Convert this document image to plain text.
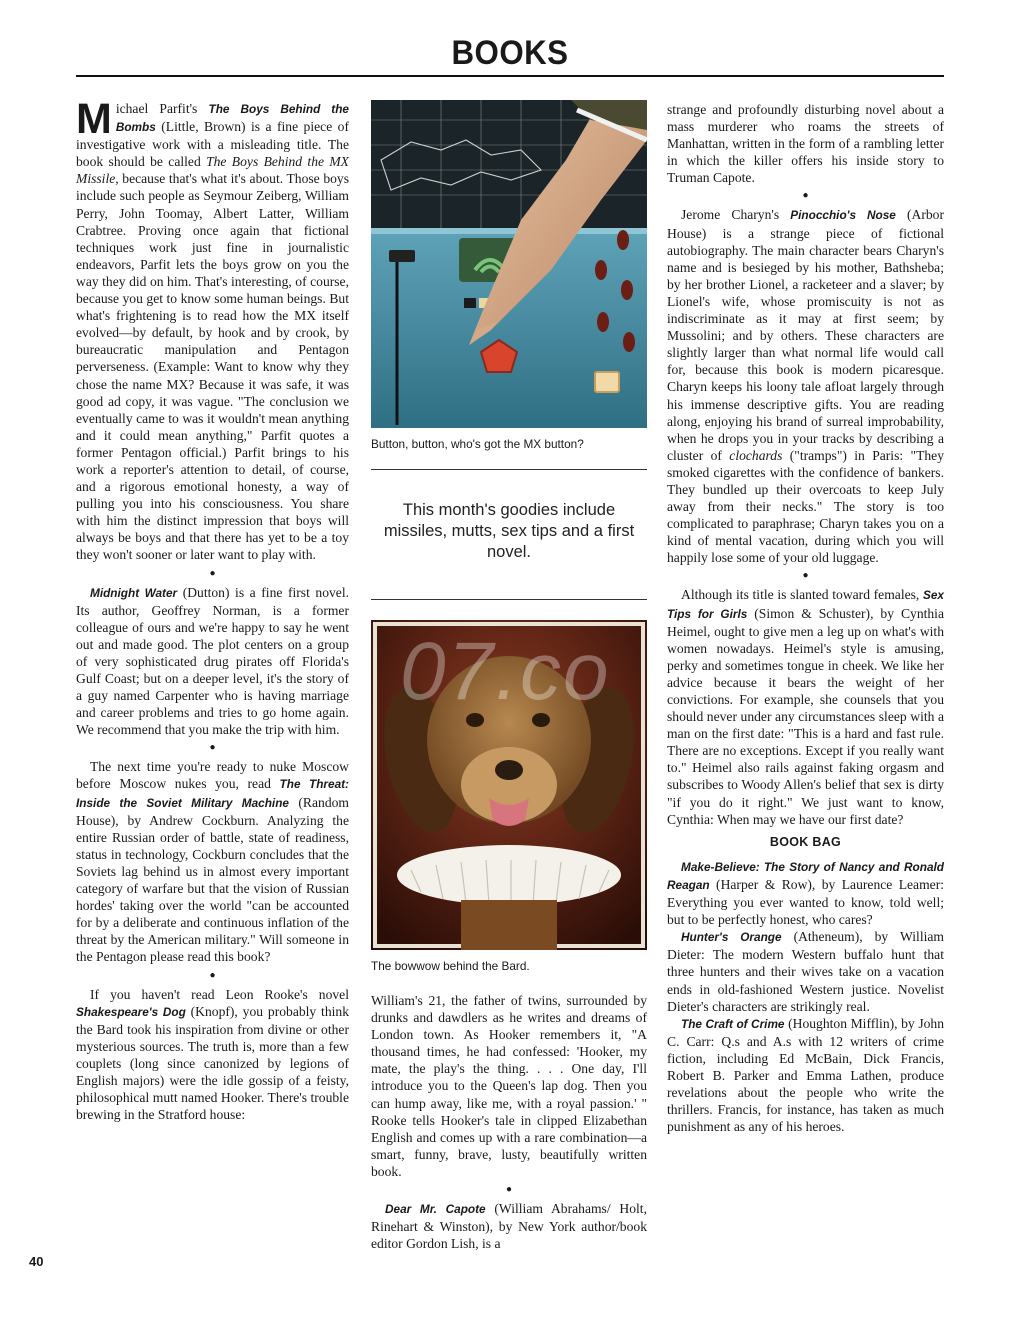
BOOKS

Michael Parfit's The Boys Behind the Bombs (Little, Brown) is a fine piece of investigative work with a misleading title. The book should be called The Boys Behind the MX Missile, because that's what it's about. Those boys include such people as Seymour Zeiberg, William Perry, John Toomay, Albert Latter, William Crabtree. Proving once again that fictional techniques work just fine in journalistic endeavors, Parfit lets the boys grow on you the way they did on him. That's interesting, of course, because you get to know some human beings. But what's frightening is to read how the MX itself evolved—by default, by hook and by crook, by bureaucratic manipulation and Pentagon perverseness. (Example: Want to know why they chose the name MX? Because it was safe, it was good ad copy, it was vague. "The conclusion we eventually came to was it wouldn't mean anything and it could mean anything," Parfit quotes a former Pentagon official.) Parfit brings to his work a reporter's attention to detail, of course, and a rigorous emotional honesty, a way of pulling you into his consciousness. You share with him the distinct impression that boys will always be boys and that there has yet to be a toy they won't sooner or later want to play with.

●

Midnight Water (Dutton) is a fine first novel. Its author, Geoffrey Norman, is a former colleague of ours and we're happy to say he went out and made good. The plot centers on a group of very sophisticated drug pirates off Florida's Gulf Coast; but on a deeper level, it's the story of a guy named Carpenter who is having marriage and career problems and tries to go home again. We recommend that you make the trip with him.

●

The next time you're ready to nuke Moscow before Moscow nukes you, read The Threat: Inside the Soviet Military Machine (Random House), by Andrew Cockburn. Analyzing the entire Russian order of battle, state of readiness, status in technology, Cockburn concludes that the Soviets lag behind us in almost every important category of warfare but that the vision of Russian hordes' taking over the world "can be accounted for by a deliberate and continuous inflation of the threat by the American military." Will someone in the Pentagon please read this book?

●

If you haven't read Leon Rooke's novel Shakespeare's Dog (Knopf), you probably think the Bard took his inspiration from divine or other mysterious sources. The truth is, more than a few couplets (long since canonized by legions of English majors) were the idle gossip of a feisty, philosophical mutt named Hooker. There's trouble brewing in the Stratford house:

Button, button, who's got the MX button?
This month's goodies include missiles, mutts, sex tips and a first novel.
The bowwow behind the Bard.

William's 21, the father of twins, surrounded by drunks and dawdlers as he writes and dreams of London town. As Hooker remembers it, "A thousand times, he had confessed: 'Hooker, my mate, the play's the thing. . . . One day, I'll introduce you to the Queen's lap dog. Then you can hump away, like me, with a royal passion.' " Rooke tells Hooker's tale in clipped Elizabethan English and comes up with a rare combination—a smart, funny, brave, lusty, beautifully written book.

●

Dear Mr. Capote (William Abrahams/ Holt, Rinehart & Winston), by New York author/book editor Gordon Lish, is a

strange and profoundly disturbing novel about a mass murderer who roams the streets of Manhattan, written in the form of a rambling letter in which the killer offers his inside story to Truman Capote.

●

Jerome Charyn's Pinocchio's Nose (Arbor House) is a strange piece of fictional autobiography. The main character bears Charyn's name and is besieged by his mother, Bathsheba; by her brother Lionel, a racketeer and a slaver; by Lionel's wife, whose promiscuity is not as indiscriminate as it may at first seem; by Mussolini; and by others. These characters are slightly larger than what normal life would call for, because this book is modern picaresque. Charyn keeps his loony tale afloat largely through his immense descriptive gifts. You are reading along, enjoying his brand of surreal improbability, when he drops you in your tracks by describing a cluster of clochards ("tramps") in Paris: "They smoked cigarettes with the confidence of bankers. They bundled up their overcoats to keep July away from their necks." The story is too complicated to paraphrase; Charyn takes you on a kind of mental vacation, during which you will happily lose some of your old luggage.

●

Although its title is slanted toward females, Sex Tips for Girls (Simon & Schuster), by Cynthia Heimel, ought to give men a leg up on what's with women nowadays. Heimel's style is amusing, perky and sometimes tongue in cheek. We like her advice because it bears the weight of her convictions. For example, she counsels that you should never under any circumstances sleep with a man on the first date: "This is a hard and fast rule. There are no exceptions. Except if you really want to." Heimel also rails against faking orgasm and subscribes to Woody Allen's belief that sex is dirty "if you do it right." We just want to know, Cynthia: When may we have our first date?

BOOK BAG

Make-Believe: The Story of Nancy and Ronald Reagan (Harper & Row), by Laurence Leamer: Everything you ever wanted to know, told well; but to be perfectly honest, who cares?

Hunter's Orange (Atheneum), by William Dieter: The modern Western buffalo hunt that three hunters and their wives take on a vacation ends in old-fashioned Western justice. Novelist Dieter's characters are strikingly real.

The Craft of Crime (Houghton Mifflin), by John C. Carr: Q.s and A.s with 12 writers of crime fiction, including Ed McBain, Dick Francis, Robert B. Parker and Emma Lathen, produce revelations about the people who write the thrillers. Francis, for instance, has taken as much punishment as any of his heroes.

07.co
40
